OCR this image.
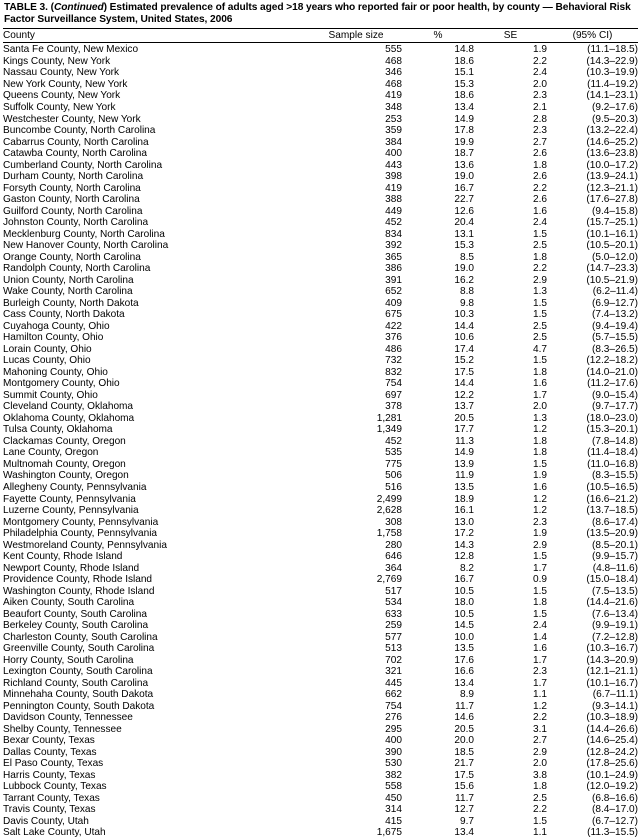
TABLE 3. (Continued) Estimated prevalence of adults aged >18 years who reported fair or poor health, by county — Behavioral Risk Factor Surveillance System, United States, 2006
County	Sample size	%	SE	(95% CI)
Santa Fe County, New Mexico	555	14.8	1.9	(11.1–18.5)
Kings County, New York	468	18.6	2.2	(14.3–22.9)
Nassau County, New York	346	15.1	2.4	(10.3–19.9)
New York County, New York	468	15.3	2.0	(11.4–19.2)
Queens County, New York	419	18.6	2.3	(14.1–23.1)
Suffolk County, New York	348	13.4	2.1	(9.2–17.6)
Westchester County, New York	253	14.9	2.8	(9.5–20.3)
Buncombe County, North Carolina	359	17.8	2.3	(13.2–22.4)
Cabarrus County, North Carolina	384	19.9	2.7	(14.6–25.2)
Catawba County, North Carolina	400	18.7	2.6	(13.6–23.8)
Cumberland County, North Carolina	443	13.6	1.8	(10.0–17.2)
Durham County, North Carolina	398	19.0	2.6	(13.9–24.1)
Forsyth County, North Carolina	419	16.7	2.2	(12.3–21.1)
Gaston County, North Carolina	388	22.7	2.6	(17.6–27.8)
Guilford County, North Carolina	449	12.6	1.6	(9.4–15.8)
Johnston County, North Carolina	452	20.4	2.4	(15.7–25.1)
Mecklenburg County, North Carolina	834	13.1	1.5	(10.1–16.1)
New Hanover County, North Carolina	392	15.3	2.5	(10.5–20.1)
Orange County, North Carolina	365	8.5	1.8	(5.0–12.0)
Randolph County, North Carolina	386	19.0	2.2	(14.7–23.3)
Union County, North Carolina	391	16.2	2.9	(10.5–21.9)
Wake County, North Carolina	652	8.8	1.3	(6.2–11.4)
Burleigh County, North Dakota	409	9.8	1.5	(6.9–12.7)
Cass County, North Dakota	675	10.3	1.5	(7.4–13.2)
Cuyahoga County, Ohio	422	14.4	2.5	(9.4–19.4)
Hamilton County, Ohio	376	10.6	2.5	(5.7–15.5)
Lorain County, Ohio	486	17.4	4.7	(8.3–26.5)
Lucas County, Ohio	732	15.2	1.5	(12.2–18.2)
Mahoning County, Ohio	832	17.5	1.8	(14.0–21.0)
Montgomery County, Ohio	754	14.4	1.6	(11.2–17.6)
Summit County, Ohio	697	12.2	1.7	(9.0–15.4)
Cleveland County, Oklahoma	378	13.7	2.0	(9.7–17.7)
Oklahoma County, Oklahoma	1,281	20.5	1.3	(18.0–23.0)
Tulsa County, Oklahoma	1,349	17.7	1.2	(15.3–20.1)
Clackamas County, Oregon	452	11.3	1.8	(7.8–14.8)
Lane County, Oregon	535	14.9	1.8	(11.4–18.4)
Multnomah County, Oregon	775	13.9	1.5	(11.0–16.8)
Washington County, Oregon	506	11.9	1.9	(8.3–15.5)
Allegheny County, Pennsylvania	516	13.5	1.6	(10.5–16.5)
Fayette County, Pennsylvania	2,499	18.9	1.2	(16.6–21.2)
Luzerne County, Pennsylvania	2,628	16.1	1.2	(13.7–18.5)
Montgomery County, Pennsylvania	308	13.0	2.3	(8.6–17.4)
Philadelphia County, Pennsylvania	1,758	17.2	1.9	(13.5–20.9)
Westmoreland County, Pennsylvania	280	14.3	2.9	(8.5–20.1)
Kent County, Rhode Island	646	12.8	1.5	(9.9–15.7)
Newport County, Rhode Island	364	8.2	1.7	(4.8–11.6)
Providence County, Rhode Island	2,769	16.7	0.9	(15.0–18.4)
Washington County, Rhode Island	517	10.5	1.5	(7.5–13.5)
Aiken County, South Carolina	534	18.0	1.8	(14.4–21.6)
Beaufort County, South Carolina	633	10.5	1.5	(7.6–13.4)
Berkeley County, South Carolina	259	14.5	2.4	(9.9–19.1)
Charleston County, South Carolina	577	10.0	1.4	(7.2–12.8)
Greenville County, South Carolina	513	13.5	1.6	(10.3–16.7)
Horry County, South Carolina	702	17.6	1.7	(14.3–20.9)
Lexington County, South Carolina	321	16.6	2.3	(12.1–21.1)
Richland County, South Carolina	445	13.4	1.7	(10.1–16.7)
Minnehaha County, South Dakota	662	8.9	1.1	(6.7–11.1)
Pennington County, South Dakota	754	11.7	1.2	(9.3–14.1)
Davidson County, Tennessee	276	14.6	2.2	(10.3–18.9)
Shelby County, Tennessee	295	20.5	3.1	(14.4–26.6)
Bexar County, Texas	400	20.0	2.7	(14.6–25.4)
Dallas County, Texas	390	18.5	2.9	(12.8–24.2)
El Paso County, Texas	530	21.7	2.0	(17.8–25.6)
Harris County, Texas	382	17.5	3.8	(10.1–24.9)
Lubbock County, Texas	558	15.6	1.8	(12.0–19.2)
Tarrant County, Texas	450	11.7	2.5	(6.8–16.6)
Travis County, Texas	314	12.7	2.2	(8.4–17.0)
Davis County, Utah	415	9.7	1.5	(6.7–12.7)
Salt Lake County, Utah	1,675	13.4	1.1	(11.3–15.5)
